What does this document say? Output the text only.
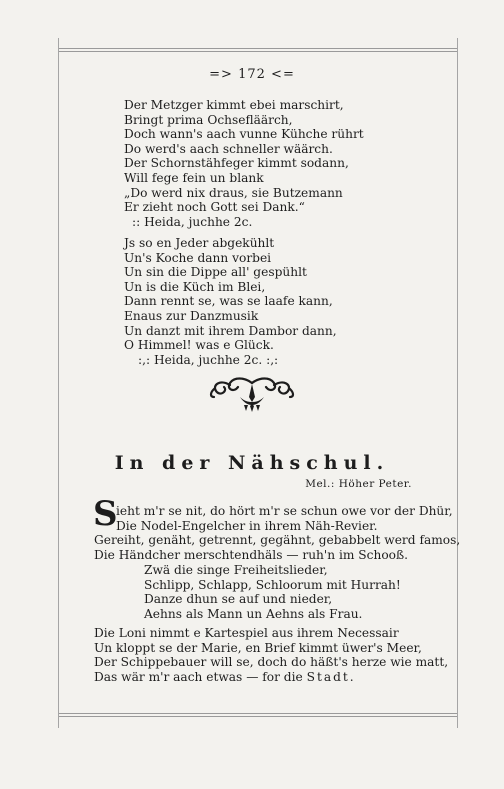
=> 172 <=
Der Metzger kimmt ebei marschirt,
Bringt prima Ochsefläärch,
Doch wann's aach vunne Kühche rührt
Do werd's aach schneller wäärch.
Der Schornstähfeger kimmt sodann,
Will fege fein un blank
„Do werd nix draus, sie Butzemann
Er zieht noch Gott sei Dank.“
:: Heida, juchhe 2c.
Js so en Jeder abgekühlt
Un's Koche dann vorbei
Un sin die Dippe all' gespühlt
Un is die Küch im Blei,
Dann rennt se, was se laafe kann,
Enaus zur Danzmusik
Un danzt mit ihrem Dambor dann,
O Himmel! was e Glück.
:,: Heida, juchhe 2c. :,:
In der Nähschul.
Mel.: Höher Peter.
S
ieht m'r se nit, do hört m'r se schun owe vor der Dhür,
Die Nodel-Engelcher in ihrem Näh-Revier.
Gereiht, genäht, getrennt, gegähnt, gebabbelt werd famos,
Die Händcher merschtendhäls — ruh'n im Schooß.
Zwä die singe Freiheitslieder,
Schlipp, Schlapp, Schloorum mit Hurrah!
Danze dhun se auf und nieder,
Aehns als Mann un Aehns als Frau.
Die Loni nimmt e Kartespiel aus ihrem Necessair
Un kloppt se der Marie, en Brief kimmt üwer's Meer,
Der Schippebauer will se, doch do häßt's herze wie matt,
Das wär m'r aach etwas — for die Stadt.
